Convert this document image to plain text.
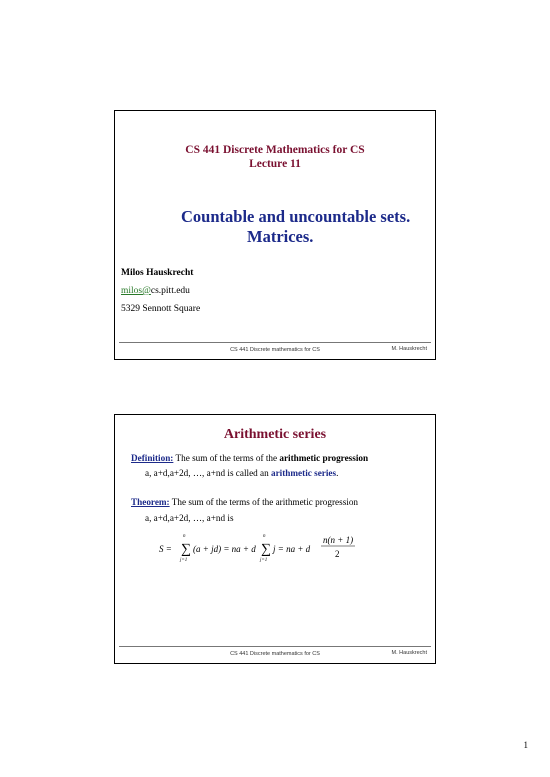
CS 441 Discrete Mathematics for CS
Lecture 11
Countable and uncountable sets.
Matrices.
Milos Hauskrecht
milos@cs.pitt.edu
5329 Sennott Square
CS 441 Discrete mathematics for CS	M. Hauskrecht
Arithmetic series
Definition: The sum of the terms of the arithmetic progression
a, a+d,a+2d, …, a+nd is called an arithmetic series.
Theorem: The sum of the terms of the arithmetic progression
a, a+d,a+2d, …, a+nd is
S =
n
∑
j=1
(a + jd) = na + d
n
∑
j=1
j = na + d
n(n + 1)
2
CS 441 Discrete mathematics for CS	M. Hauskrecht
1
